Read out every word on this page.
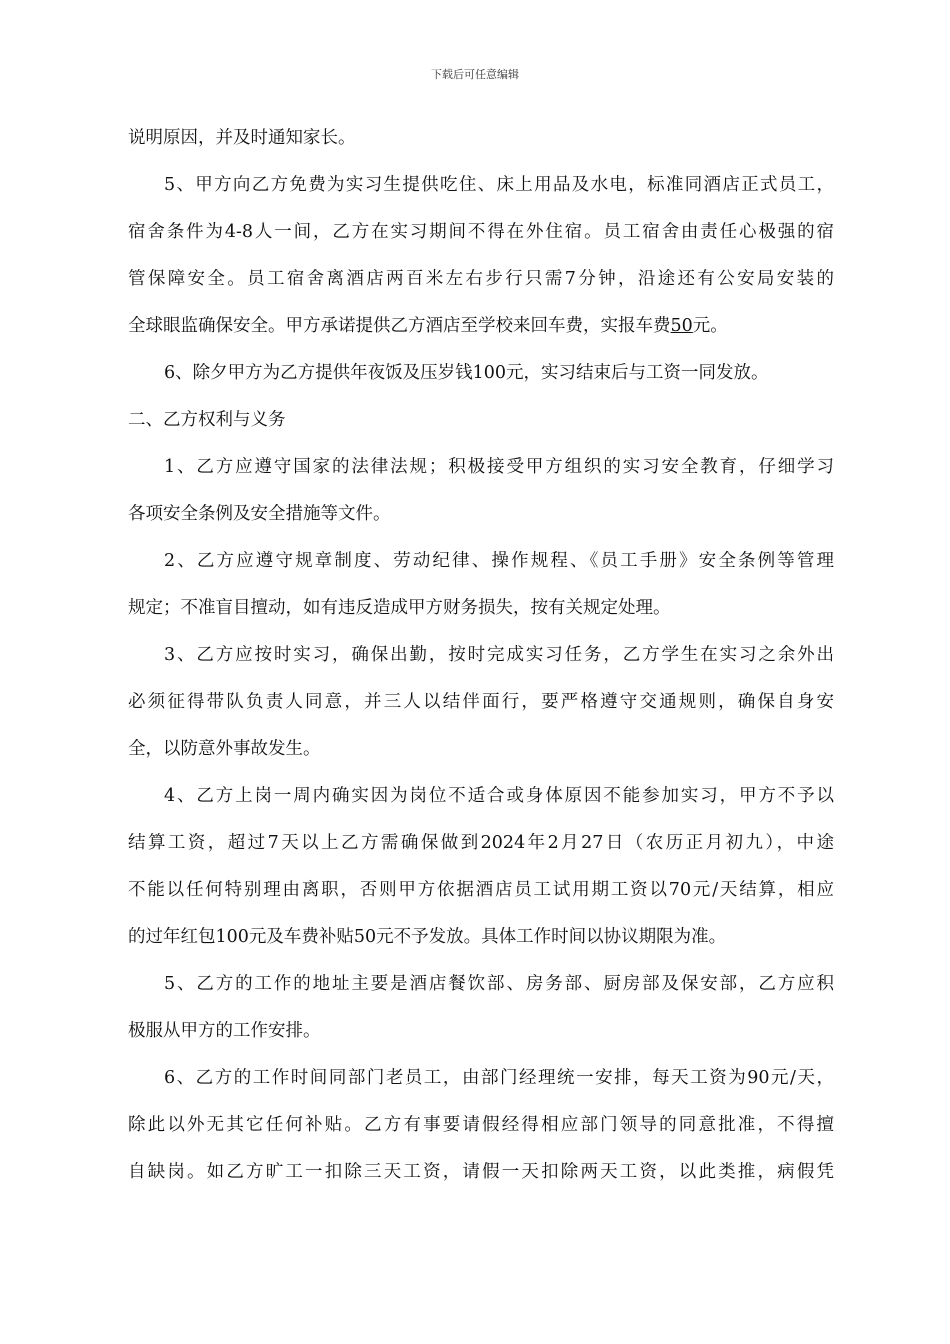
下载后可任意编辑
说明原因，并及时通知家长。
5、甲方向乙方免费为实习生提供吃住、床上用品及水电，标准同酒店正式员工，
宿舍条件为4-8人一间，乙方在实习期间不得在外住宿。员工宿舍由责任心极强的宿
管保障安全。员工宿舍离酒店两百米左右步行只需7分钟，沿途还有公安局安装的
全球眼监确保安全。甲方承诺提供乙方酒店至学校来回车费，实报车费50元。
6、除夕甲方为乙方提供年夜饭及压岁钱100元，实习结束后与工资一同发放。
二、乙方权利与义务
1、乙方应遵守国家的法律法规；积极接受甲方组织的实习安全教育，仔细学习
各项安全条例及安全措施等文件。
2、乙方应遵守规章制度、劳动纪律、操作规程、《员工手册》安全条例等管理
规定；不准盲目擅动，如有违反造成甲方财务损失，按有关规定处理。
3、乙方应按时实习，确保出勤，按时完成实习任务，乙方学生在实习之余外出
必须征得带队负责人同意，并三人以结伴面行，要严格遵守交通规则，确保自身安
全，以防意外事故发生。
4、乙方上岗一周内确实因为岗位不适合或身体原因不能参加实习，甲方不予以
结算工资，超过7天以上乙方需确保做到2024年2月27日（农历正月初九），中途
不能以任何特别理由离职，否则甲方依据酒店员工试用期工资以70元/天结算，相应
的过年红包100元及车费补贴50元不予发放。具体工作时间以协议期限为准。
5、乙方的工作的地址主要是酒店餐饮部、房务部、厨房部及保安部，乙方应积
极服从甲方的工作安排。
6、乙方的工作时间同部门老员工，由部门经理统一安排，每天工资为90元/天，
除此以外无其它任何补贴。乙方有事要请假经得相应部门领导的同意批准，不得擅
自缺岗。如乙方旷工一扣除三天工资，请假一天扣除两天工资，以此类推，病假凭
